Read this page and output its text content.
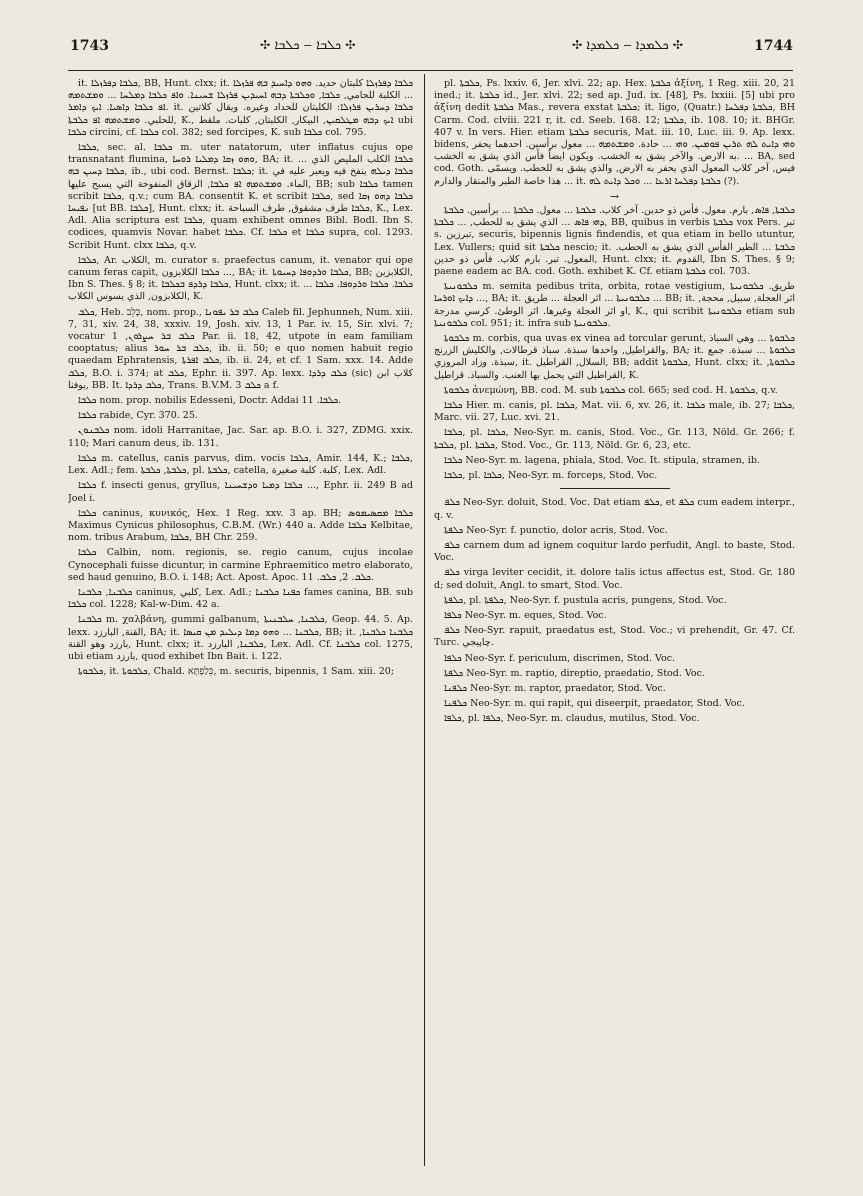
1743	✣ ܟܠܒܐ ‒ ܟܠܒܐ ✣	✣ ܟܠܡܕܐ ‒ ܟܠܡܕܐ ✣	1744

it. ܟܠܒܐ ܕܦܪܙܠܐ, BB, Hunt. clxx; it. ܟܠܒܐ ܕܦܪܙܠܐ كلبتان حديد. ܘܗܘ ܕܐܚܝܕ ܒܗ ܦܪܙܠܐ ... الكلبة للحامي, ܟܠܒܐ, ܘܟܠܒܬܐ ܕܒܗ ܐܚܝܕܝܢ ܦܪܙܠܐ ܫܚܝܢܐ. ܘܐܦ ܟܠܒܐ ܕܡܠܚܐ ... ܘܡܫܬܡܗ ܐܦ ܟܠܒܐ ܕܐܣܝܐ. ܐܝܟ ܕܐܡܪ. it. ܟܠܒܐ ܕܚܪܝܢ ܦܪܙܠܐ: الكلبتان للحداد وغيره. ويقال كلاتين للحلبي. ܘܡܫܬܡܗ ܐܦ ܟܠܒܬܐ, K., ܐܝܟ ܕܒܗ ܡܛܠܩܝܢ, البيكار, الكلبتان, كلبات. ملقط ubi ܟܠܒܐ circini, cf. ܟܠܒܐ col. 382; sed forcipes, K. sub ܟܠܒܐ col. 795.

ܟܠܒܐ, sec. al. ܟܠܒܐ m. uter natatorum, uter inflatus cujus ope transnatant flumina, ܘܗܘ ܙܩܐ ܕܡܠܝܐ ܪܘܚܐ, BA; it. ܟܠܒܐ الكلب المليص الذي ... ܟܠܒܐ ܕܚܝܢ ܒܗ, ib., ubi cod. Bernst. ܟܠܒܐ; it. ܟܠܒܐ ܕܝܠܗ ينفخ فيه ويعبر عليه في الماء. ܘܡܫܬܡܗ ܐܦ ܟܠܒܐ, الزقاق المنفوخة التي يسبح عليها, BB; sub ܟܠܒܐ tamen scribit ܟܠܒܐ, q.v.; cum BA. consentit K. et scribit ܟܠܒܐ, sed ܟܠܒܐ ܕܗܘ ܙܩܐ ܢܦܝܚܐ [ut BB. ܟܠܒܐ], Hunt. clxx; it. ܟܠܒܐ طرف مشقوق, طرف السباحة, K., Lex. Adl. Alia scriptura est ܟܠܒܐ, quam exhibent omnes Bibl. Bodl. Ibn S. codices, quamvis Novar. habet ܟܠܒܐ. Cf. ܟܠܒܐ et ܟܠܒܐ supra, col. 1293. Scribit Hunt. clxx ܟܠܒܐ, q.v.

ܟܠܒܐ, Ar. الكلاب, m. curator s. praefectus canum, it. venator qui ope canum feras capit, ܟܠܒܐ الكلابزون ..., BA; it. ܟܠܒܐ ܘܪܕܘܦܐ ܕܚܝܘܬܐ, BB; الكلابزين, Ibn S. Thes. § 8; it. ܟܠܒܐ ܕܪܕܦ ܒܟܠܒܐ, Hunt. clxx; it. ܟܠܒܐ. ܟܠܒܐ ܘܪܕܘܦܐ. ܟܠܒܐ ... الكلابزون, الذي يسوس الكلاب, K.

ܟܠܒ, Heb. כָּלֵב, nom. prop., ܟܠܒ ܒܪ ܝܦܘܢܐ Caleb fil. Jephunneh, Num. xiii. 7, 31, xiv. 24, 38, xxxiv. 19, Josh. xiv. 13, 1 Par. iv. 15, Sir. xlvi. 7; vocatur ܟܠܒ ܒܪ ܚܨܪܘܢ, 1 Par. ii. 18, 42, utpote in eam familiam cooptatus; alius ܟܠܒ ܒܪ ܚܘܪ, ib. ii. 50; e quo nomen habuit regio quaedam Ephratensis, ܟܠܒ ܐܦܪܬܐ, ib. ii. 24, et cf. 1 Sam. xxx. 14. Adde ܟܠܒ, B.O. i. 374; at ܟܠܒ, Ephr. ii. 397. Ap. lexx. ܟܠܒ ܕܪܕܐ (sic) كلاب ابن يوفنا, BB. It. ܟܠܒ ܕܪܕܐ, Trans. B.V.M. ܟܠܒ 3 a f.

ܟܠܒܐ nom. prop. nobilis Edesseni, Doctr. Addai ܟܠܒܐ. 11.

ܟܠܒܐ rabide, Cyr. 370. 25.

ܟܠܒܢܘܢ nom. idoli Harranitae, Jac. Sar. ap. B.O. i. 327, ZDMG. xxix. 110; Mari canum deus, ib. 131.

ܟܠܒܐ m. catellus, canis parvus, dim. vocis ܟܠܒܐ, Amir. 144, K.; ܟܠܒܐ, Lex. Adl.; fem. ܟܠܒܬܐ, ܟܠܒܬܐ, pl. ܟܠܒܬܐ, catella, كلبة. كلبة صغيرة, Lex. Adl.

ܟܠܒܐ f. insecti genus, gryllus, ܟܠܒܐ ܕܡܝܐ ܘܕܫܚܝܢܐ ..., Ephr. ii. 249 B ad Joel i.

ܟܠܒܐ caninus, κυνικός, Hex. 1 Reg. xxv. 3 ap. BH; ܟܠܒܐ ܡܩܣܝܡܘܣ Maximus Cynicus philosophus, C.B.M. (Wr.) 440 a. Adde ܟܠܒܐ Kelbitae, nom. tribus Arabum, ܟܠܒܐ, BH Chr. 259.

ܟܠܒܐ Calbin, nom. regionis, se. regio canum, cujus incolae Cynocephali fuisse dicuntur, in carmine Ephraemitico metro elaborato, sed haud genuino, B.O. i. 148; Act. Apost. Apoc. ܟܠܒ. 2, ܟܠܒ. 11.

ܟܠܒܢܐ, ܟܠܒܢܐ caninus, كلبي, Lex. Adl.; ܟܦܢܐ ܟܠܒܢܐ fames canina, BB. sub ܟܠܒܐ col. 1228; Kal-w-Dim. 42 a.

ܟܠܒܢܐ m. χαλβάνη, gummi galbanum, ܟܠܒܢܐ, ܚܠܒܢܝܬܐ, Geop. 44. 5. Ap. lexx. القنة, البارزد, BA; it. ܟܠܒܢܐ ... ܘܗܘ ܕܡܐ ܕܝܠܝܕ ܡܢ ܩܝܣܐ, BB; it. ܟܠܒܢܐ ܟܠܒܢܐ, بارزد وهو القنة, Hunt. clxx; it. ܟܠܒܢܐ, البارزد, Lex. Adl. Cf. ܟܠܒܢܐ col. 1275, ubi etiam بارزد, quod exhibet Ibn Bait. i. 122.

ܟܠܒܘܬܐ, it. ܟܠܒܘܬܐ, Chald. כֵּלַפְתָּא, m. securis, bipennis, 1 Sam. xiii. 20;

pl. ܟܠܒܬܐ, Ps. lxxiv. 6, Jer. xlvi. 22; ap. Hex. ܟܠܒܬܐ ἀξίνη, 1 Reg. xiii. 20, 21 ined.; it. ܟܠܒܬܐ id., Jer. xlvi. 22; sed ap. Jud. ix. [48], Ps. lxxiii. [5] ubi pro ἀξίνη dedit ܟܠܒܬܐ Mas., revera exstat ܟܠܒܬܐ; it. ligo, (Quatr.) ܟܠܒܬܐ ܕܦܠܚܐ, BH Carm. Cod. clviii. 221 r, it. cd. Seeb. 168. 12; ܟܠܒܬܐ, ib. 108. 10; it. BHGr. 407 v. In vers. Hier. etiam ܟܠܒܬܐ securis, Mat. iii. 10, Luc. iii. 9. Ap. lexx. bidens, ܘܗܝ ܕܐܝܬ ܠܗ ܬܪܝܢ ܦܘܡܝܢ. ܘܗܝ ... حادة. ܘܡܫܬܡܗ ... معول برأسين. احدهما يحفر به الارض. والآخر يشق به الخشب. ويكون ايضاً فأس الذي يشق به الخشب. ... BA, sed cod. Goth. فيس, آخر كلاب المعول الذي يحفر به الارض, والذي يشق به للحطب. ويسمّى هذا خاصة الطير والمنقار والدارم ... it. ܟܠܒܬܐ ܕܦܠܚܐ ܐܪܥܐ ... ܘܟܠ ܕܐܝܬ ܠܗ (?).

→

ܟܠܒܬܐ, ܦܐܣ, بارم. معول. فأس ذو حدين. آخر كلاب. ܟܠܒܬܐ ... معول. ܟܠܒܬܐ ... برأسين. ܟܠܒܬܐ ܕܗܝ ܦܐܣ ... الذي يشق به للحطب, ... ܟܠܒܬܐ, BB, quibus in verbis ܟܠܒܬܐ vox Pers. تبر s. تبرزين, securis, bipennis lignis findendis, et qua etiam in bello utuntur, Lex. Vullers; quid sit ܟܠܒܬܐ nescio; it. ܟܠܒܬܐ ... الطير الفأس الذي يشق به الحطب. المعول. تبر. بارم كلاب. فأس ذو حدين, Hunt. clxx; it. القدوم, Ibn S. Thes. § 9; paene eadem ac BA. cod. Goth. exhibet K. Cf. etiam ܟܠܒܬܐ col. 703.

ܟܠܒܘܢܝܬܐ m. semita pedibus trita, orbita, rotae vestigium, طريق. ܟܠܒܘܢܝܬܐ ܕܐܝܟ ܐܘܪܚܐ ..., BA; it. ܟܠܒܘܢܝܬܐ ... اثر العجلة ... طريق ... BB; it. اثر العجلة, سبيل, محجة, او اثر العجلة وغيرها. اثر الوطئ. كرسي مدرجة, K., qui scribit ܟܠܒܘܢܝܬܐ etiam sub ܟܠܒܘܢܝܬܐ col. 951; it. infra sub ܟܠܒܘܢܝܬܐ.

ܟܠܒܘܬܐ m. corbis, qua uvas ex vinea ad torcular gerunt, ܟܠܒܘܬܐ ... وهي السباذ والقراطيل, واحدها سبذة. سباذ قرطالات, والكليش الزرنج, BA; it. ܟܠܒܘܬܐ ... سبذة. جمع سبذة. وزاد المروزي, it. السلال, القراطيل, BB; addit ܟܠܒܘܬܐ, Hunt. clxx; it. ܟܠܒܘܬܐ, القراطيل التي يحمل بها العنب. والسباذ. قراطيل, K.

ܟܠܒܘܬܐ ἀνεμώνη, BB. cod. M. sub ܟܠܒܘܬܐ col. 665; sed cod. H. ܟܠܒܘܬܐ, q.v.

ܟܠܒܐ Hier. m. canis, pl. ܟܠܒܐ, Mat. vii. 6, xv. 26, it. ܟܠܒܐ male, ib. 27; ܟܠܒܐ, Marc. vii. 27, Luc. xvi. 21.

ܟܠܒܐ, pl. ܟܠܒܐ, Neo-Syr. m. canis, Stod. Voc., Gr. 113, Nöld. Gr. 266; f. ܟܠܒܬܐ, pl. ܟܠܒܬܐ, Stod. Voc., Gr. 113, Nöld. Gr. 6, 23, etc.

ܟܠܒܐ Neo-Syr. m. lagena, phiala, Stod. Voc. It. stipula, stramen, ib.

ܟܠܒܐ, pl. ܟܠܒܐ, Neo-Syr. m. forceps, Stod. Voc.

ܟܠܦ Neo-Syr. doluit, Stod. Voc. Dat etiam ܟܠܦ, et ܟܠܦ cum eadem interpr., q. v.

ܟܠܦܬܐ Neo-Syr. f. punctio, dolor acris, Stod. Voc.

ܟܠܦ carnem dum ad ignem coquitur lardo perfudit, Angl. to baste, Stod. Voc.

ܟܠܦ virga leviter cecidit, it. dolore talis ictus affectus est, Stod. Gr. 180 d; sed doluit, Angl. to smart, Stod. Voc.

ܟܠܦܬܐ, pl. ܟܠܦܬܐ, Neo-Syr. f. pustula acris, pungens, Stod. Voc.

ܟܠܦܐ Neo-Syr. m. eques, Stod. Voc.

ܟܠܦ Neo-Syr. rapuit, praedatus est, Stod. Voc.; vi prehendit, Gr. 47. Cf. Turc. چاپيجي.

ܟܠܦܐ Neo-Syr. f. periculum, discrimen, Stod. Voc.

ܟܠܦܬܐ Neo-Syr. m. raptio, direptio, praedatio, Stod. Voc.

ܟܠܦܢܐ Neo-Syr. m. raptor, praedator, Stod. Voc.

ܟܠܦܢܐ Neo-Syr. m. qui rapit, qui diseerpit, praedator, Stod. Voc.

ܟܠܦܐ, pl. ܟܠܦܐ, Neo-Syr. m. claudus, mutilus, Stod. Voc.
